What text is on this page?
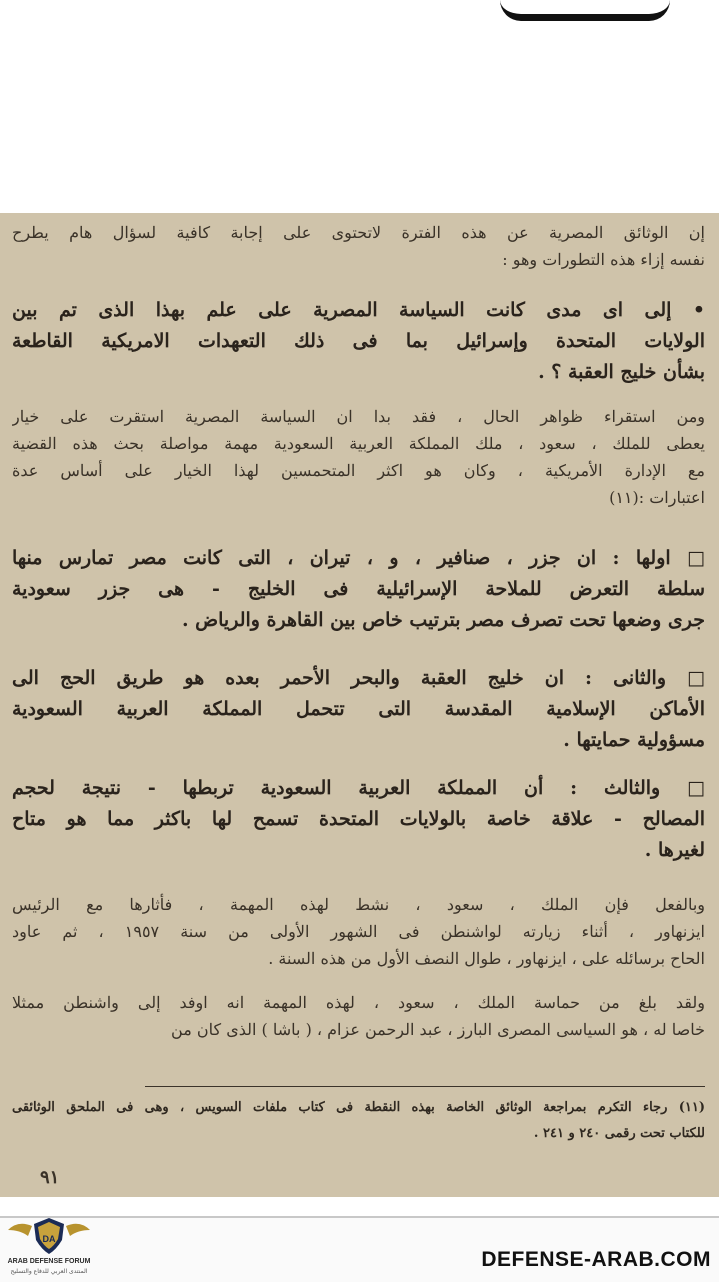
٩١
إن الوثائق المصرية عن هذه الفترة لاتحتوى على إجابة كافية لسؤال هام يطرح
نفسه إزاء هذه التطورات وهو :
• إلى اى مدى كانت السياسة المصرية على علم بهذا الذى تم بين
الولايات المتحدة وإسرائيل بما فى ذلك التعهدات الامريكية القاطعة
بشأن خليج العقبة ؟ .
ومن استقراء ظواهر الحال ، فقد بدا ان السياسة المصرية استقرت على خيار
يعطى للملك ، سعود ، ملك المملكة العربية السعودية مهمة مواصلة بحث هذه القضية
مع الإدارة الأمريكية ، وكان هو اكثر المتحمسين لهذا الخيار على أساس عدة
اعتبارات :(١١)
□ اولها : ان جزر ، صنافير ، و ، تيران ، التى كانت مصر تمارس منها
سلطة التعرض للملاحة الإسرائيلية فى الخليج - هى جزر سعودية
جرى وضعها تحت تصرف مصر بترتيب خاص بين القاهرة والرياض .
□ والثانى : ان خليج العقبة والبحر الأحمر بعده هو طريق الحج الى
الأماكن الإسلامية المقدسة التى تتحمل المملكة العربية السعودية
مسؤولية حمايتها .
□ والثالث : أن المملكة العربية السعودية تربطها - نتيجة لحجم
المصالح - علاقة خاصة بالولايات المتحدة تسمح لها باكثر مما هو متاح
لغيرها .
وبالفعل فإن الملك ، سعود ، نشط لهذه المهمة ، فأثارها مع الرئيس
ايزنهاور ، أثناء زيارته لواشنطن فى الشهور الأولى من سنة ١٩٥٧ ، ثم عاود
الحاح برسائله على ، ايزنهاور ، طوال النصف الأول من هذه السنة .
ولقد بلغ من حماسة الملك ، سعود ، لهذه المهمة انه اوفد إلى واشنطن ممثلا
خاصا له ، هو السياسى المصرى البارز ، عبد الرحمن عزام ، ( باشا ) الذى كان من
(١١) رجاء التكرم بمراجعة الوثائق الخاصة بهذه النقطة فى كتاب ملفات السويس ، وهى فى الملحق الوثائقى
للكتاب تحت رقمى ٢٤٠ و ٢٤١ .
DA
ARAB DEFENSE FORUM
المنتدى العربي للدفاع والتسليح
DEFENSE-ARAB.COM
